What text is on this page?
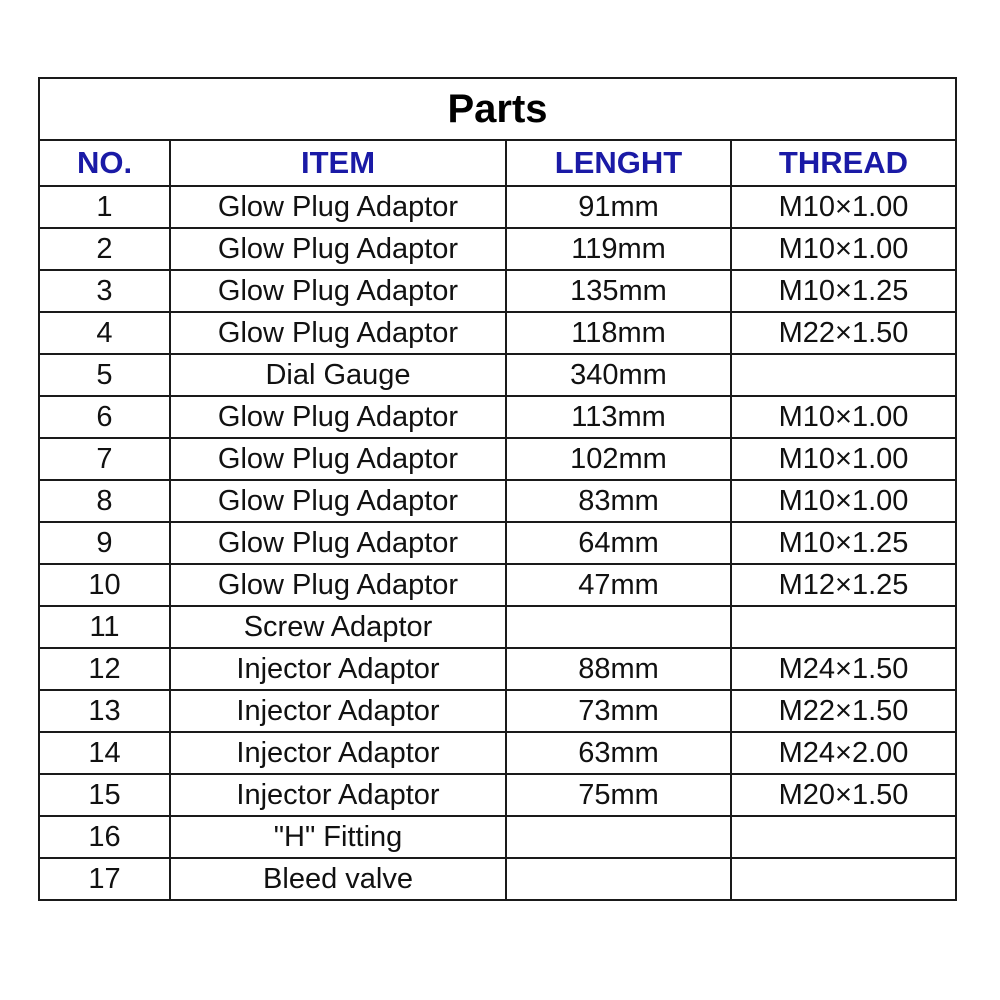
Parts			
NO.	ITEM	LENGHT	THREAD
1	Glow Plug Adaptor	91mm	M10×1.00
2	Glow Plug Adaptor	119mm	M10×1.00
3	Glow Plug Adaptor	135mm	M10×1.25
4	Glow Plug Adaptor	118mm	M22×1.50
5	Dial Gauge	340mm	
6	Glow Plug Adaptor	113mm	M10×1.00
7	Glow Plug Adaptor	102mm	M10×1.00
8	Glow Plug Adaptor	83mm	M10×1.00
9	Glow Plug Adaptor	64mm	M10×1.25
10	Glow Plug Adaptor	47mm	M12×1.25
11	Screw Adaptor		
12	Injector Adaptor	88mm	M24×1.50
13	Injector Adaptor	73mm	M22×1.50
14	Injector Adaptor	63mm	M24×2.00
15	Injector Adaptor	75mm	M20×1.50
16	"H" Fitting		
17	Bleed valve		
